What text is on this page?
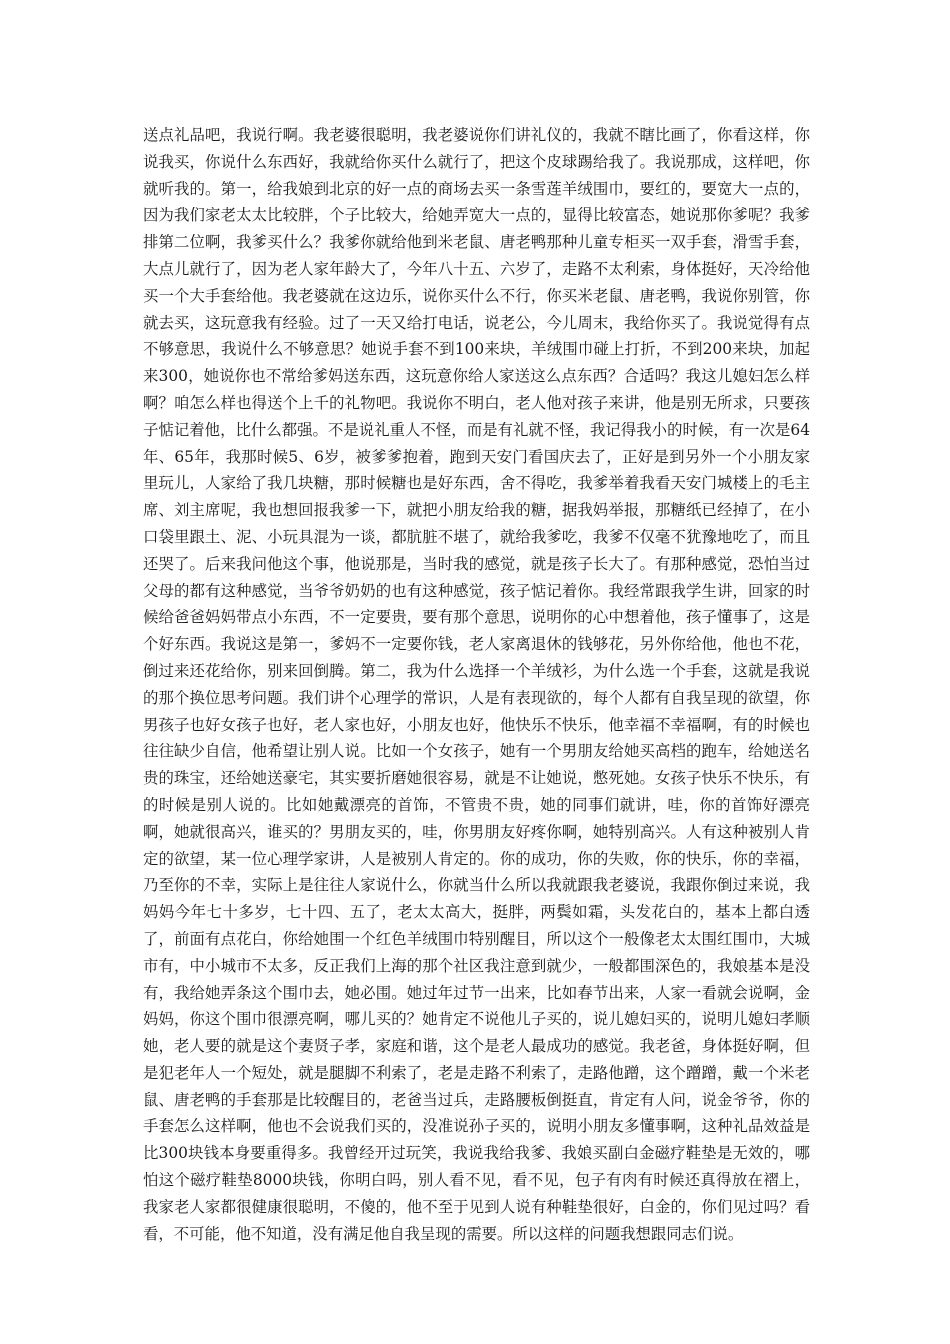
送点礼品吧，我说行啊。我老婆很聪明，我老婆说你们讲礼仪的，我就不瞎比画了，你看这样，你说我买，你说什么东西好，我就给你买什么就行了，把这个皮球踢给我了。我说那成，这样吧，你就听我的。第一，给我娘到北京的好一点的商场去买一条雪莲羊绒围巾，要红的，要宽大一点的，因为我们家老太太比较胖，个子比较大，给她弄宽大一点的，显得比较富态，她说那你爹呢？我爹排第二位啊，我爹买什么？我爹你就给他到米老鼠、唐老鸭那种儿童专柜买一双手套，滑雪手套，大点儿就行了，因为老人家年龄大了，今年八十五、六岁了，走路不太利索，身体挺好，天冷给他买一个大手套给他。我老婆就在这边乐，说你买什么不行，你买米老鼠、唐老鸭，我说你别管，你就去买，这玩意我有经验。过了一天又给打电话，说老公，今儿周末，我给你买了。我说觉得有点不够意思，我说什么不够意思？她说手套不到100来块，羊绒围巾碰上打折，不到200来块，加起来300，她说你也不常给爹妈送东西，这玩意你给人家送这么点东西？合适吗？我这儿媳妇怎么样啊？咱怎么样也得送个上千的礼物吧。我说你不明白，老人他对孩子来讲，他是别无所求，只要孩子惦记着他，比什么都强。不是说礼重人不怪，而是有礼就不怪，我记得我小的时候，有一次是64年、65年，我那时候5、6岁，被爹爹抱着，跑到天安门看国庆去了，正好是到另外一个小朋友家里玩儿，人家给了我几块糖，那时候糖也是好东西，舍不得吃，我爹举着我看天安门城楼上的毛主席、刘主席呢，我也想回报我爹一下，就把小朋友给我的糖，据我妈举报，那糖纸已经掉了，在小口袋里跟土、泥、小玩具混为一谈，都肮脏不堪了，就给我爹吃，我爹不仅毫不犹豫地吃了，而且还哭了。后来我问他这个事，他说那是，当时我的感觉，就是孩子长大了。有那种感觉，恐怕当过父母的都有这种感觉，当爷爷奶奶的也有这种感觉，孩子惦记着你。我经常跟我学生讲，回家的时候给爸爸妈妈带点小东西，不一定要贵，要有那个意思，说明你的心中想着他，孩子懂事了，这是个好东西。我说这是第一，爹妈不一定要你钱，老人家离退休的钱够花，另外你给他，他也不花，倒过来还花给你，别来回倒腾。第二，我为什么选择一个羊绒衫，为什么选一个手套，这就是我说的那个换位思考问题。我们讲个心理学的常识，人是有表现欲的，每个人都有自我呈现的欲望，你男孩子也好女孩子也好，老人家也好，小朋友也好，他快乐不快乐，他幸福不幸福啊，有的时候也往往缺少自信，他希望让别人说。比如一个女孩子，她有一个男朋友给她买高档的跑车，给她送名贵的珠宝，还给她送豪宅，其实要折磨她很容易，就是不让她说，憋死她。女孩子快乐不快乐，有的时候是别人说的。比如她戴漂亮的首饰，不管贵不贵，她的同事们就讲，哇，你的首饰好漂亮啊，她就很高兴，谁买的？男朋友买的，哇，你男朋友好疼你啊，她特别高兴。人有这种被别人肯定的欲望，某一位心理学家讲，人是被别人肯定的。你的成功，你的失败，你的快乐，你的幸福，乃至你的不幸，实际上是往往人家说什么，你就当什么所以我就跟我老婆说，我跟你倒过来说，我妈妈今年七十多岁，七十四、五了，老太太高大，挺胖，两鬓如霜，头发花白的，基本上都白透了，前面有点花白，你给她围一个红色羊绒围巾特别醒目，所以这个一般像老太太围红围巾，大城市有，中小城市不太多，反正我们上海的那个社区我注意到就少，一般都围深色的，我娘基本是没有，我给她弄条这个围巾去，她必围。她过年过节一出来，比如春节出来，人家一看就会说啊，金妈妈，你这个围巾很漂亮啊，哪儿买的？她肯定不说他儿子买的，说儿媳妇买的，说明儿媳妇孝顺她，老人要的就是这个妻贤子孝，家庭和谐，这个是老人最成功的感觉。我老爸，身体挺好啊，但是犯老年人一个短处，就是腿脚不利索了，老是走路不利索了，走路他蹭，这个蹭蹭，戴一个米老鼠、唐老鸭的手套那是比较醒目的，老爸当过兵，走路腰板倒挺直，肯定有人问，说金爷爷，你的手套怎么这样啊，他也不会说我们买的，没准说孙子买的，说明小朋友多懂事啊，这种礼品效益是比300块钱本身要重得多。我曾经开过玩笑，我说我给我爹、我娘买副白金磁疗鞋垫是无效的，哪怕这个磁疗鞋垫8000块钱，你明白吗，别人看不见，看不见，包子有肉有时候还真得放在褶上，我家老人家都很健康很聪明，不傻的，他不至于见到人说有种鞋垫很好，白金的，你们见过吗？看看，不可能，他不知道，没有满足他自我呈现的需要。所以这样的问题我想跟同志们说。
